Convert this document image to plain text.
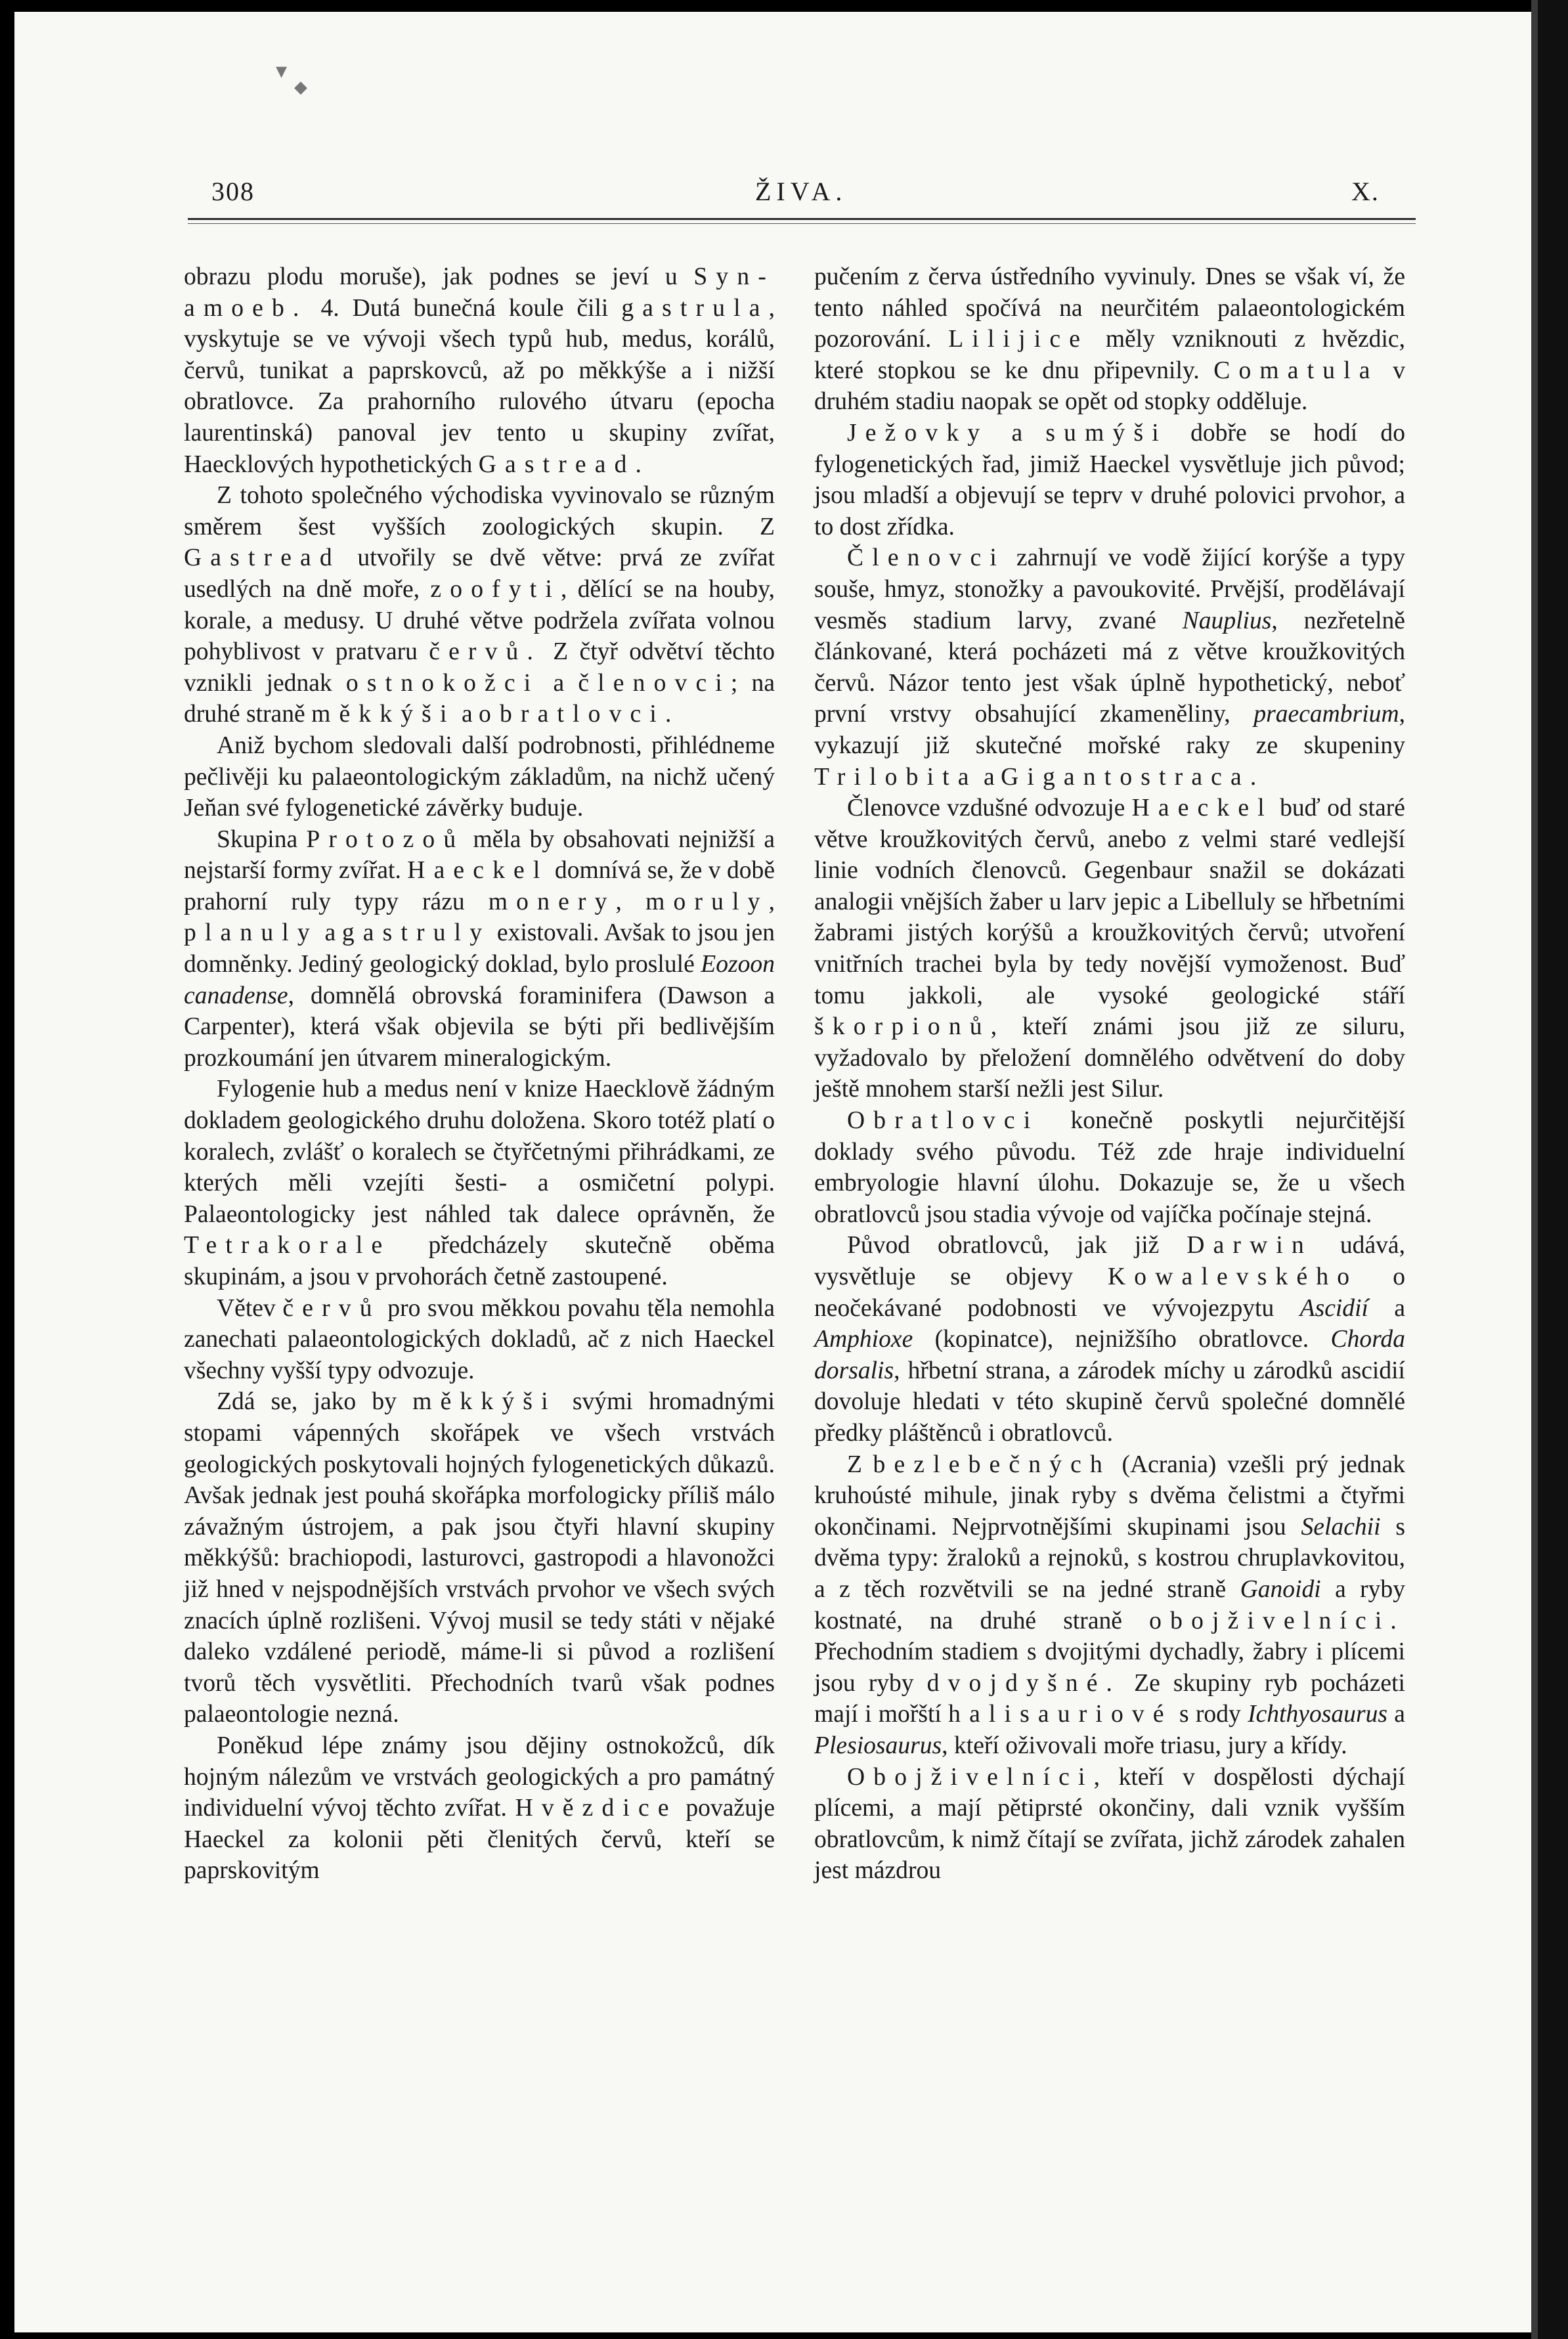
▾
◆
308	ŽIVA.	X.

obrazu plodu moruše), jak podnes se jeví u Syn-amoeb. 4. Dutá bunečná koule čili gastrula, vyskytuje se ve vývoji všech typů hub, medus, korálů, červů, tunikat a paprskovců, až po měkkýše a i nižší obratlovce. Za prahorního rulového útvaru (epocha laurentinská) panoval jev tento u skupiny zvířat, Haecklových hypothetických Gastread.

Z tohoto společného východiska vyvinovalo se různým směrem šest vyšších zoologických skupin. Z Gastread utvořily se dvě větve: prvá ze zvířat usedlých na dně moře, zoofyti, dělící se na houby, korale, a medusy. U druhé větve podržela zvířata volnou pohyblivost v pratvaru červů. Z čtyř odvětví těchto vznikli jednak ostnokožci a členovci; na druhé straně měkkýši a obratlovci.

Aniž bychom sledovali další podrobnosti, přihlédneme pečlivěji ku palaeontologickým základům, na nichž učený Jeňan své fylogenetické závěrky buduje.

Skupina Protozoů měla by obsahovati nejnižší a nejstarší formy zvířat. Haeckel domnívá se, že v době prahorní ruly typy rázu monery, moruly, planuly a gastruly existovali. Avšak to jsou jen domněnky. Jediný geologický doklad, bylo proslulé Eozoon canadense, domnělá obrovská foraminifera (Dawson a Carpenter), která však objevila se býti při bedlivějším prozkoumání jen útvarem mineralogickým.

Fylogenie hub a medus není v knize Haecklově žádným dokladem geologického druhu doložena. Skoro totéž platí o koralech, zvlášť o koralech se čtyřčetnými přihrádkami, ze kterých měli vzejíti šesti- a osmičetní polypi. Palaeontologicky jest náhled tak dalece oprávněn, že Tetrakorale předcházely skutečně oběma skupinám, a jsou v prvohorách četně zastoupené.

Větev červů pro svou měkkou povahu těla nemohla zanechati palaeontologických dokladů, ač z nich Haeckel všechny vyšší typy odvozuje.

Zdá se, jako by měkkýši svými hromadnými stopami vápenných skořápek ve všech vrstvách geologických poskytovali hojných fylogenetických důkazů. Avšak jednak jest pouhá skořápka morfologicky příliš málo závažným ústrojem, a pak jsou čtyři hlavní skupiny měkkýšů: brachiopodi, lasturovci, gastropodi a hlavonožci již hned v nejspodnějších vrstvách prvohor ve všech svých znacích úplně rozlišeni. Vývoj musil se tedy státi v nějaké daleko vzdálené periodě, máme-li si původ a rozlišení tvorů těch vysvětliti. Přechodních tvarů však podnes palaeontologie nezná.

Poněkud lépe známy jsou dějiny ostnokožců, dík hojným nálezům ve vrstvách geologických a pro památný individuelní vývoj těchto zvířat. Hvězdice považuje Haeckel za kolonii pěti členitých červů, kteří se paprskovitým

pučením z červa ústředního vyvinuly. Dnes se však ví, že tento náhled spočívá na neurčitém palaeontologickém pozorování. Lilijice měly vzniknouti z hvězdic, které stopkou se ke dnu připevnily. Comatula v druhém stadiu naopak se opět od stopky odděluje.

Ježovky a sumýši dobře se hodí do fylogenetických řad, jimiž Haeckel vysvětluje jich původ; jsou mladší a objevují se teprv v druhé polovici prvohor, a to dost zřídka.

Členovci zahrnují ve vodě žijící korýše a typy souše, hmyz, stonožky a pavoukovité. Prvější, prodělávají vesměs stadium larvy, zvané Nauplius, nezřetelně článkované, která pocházeti má z větve kroužkovitých červů. Názor tento jest však úplně hypothetický, neboť první vrstvy obsahující zkameněliny, praecambrium, vykazují již skutečné mořské raky ze skupeniny Trilobita a Gigantostraca.

Členovce vzdušné odvozuje Haeckel buď od staré větve kroužkovitých červů, anebo z velmi staré vedlejší linie vodních členovců. Gegenbaur snažil se dokázati analogii vnějších žaber u larv jepic a Libelluly se hřbetními žabrami jistých korýšů a kroužkovitých červů; utvoření vnitřních trachei byla by tedy novější vymoženost. Buď tomu jakkoli, ale vysoké geologické stáří škorpionů, kteří známi jsou již ze siluru, vyžadovalo by přeložení domnělého odvětvení do doby ještě mnohem starší nežli jest Silur.

Obratlovci konečně poskytli nejurčitější doklady svého původu. Též zde hraje individuelní embryologie hlavní úlohu. Dokazuje se, že u všech obratlovců jsou stadia vývoje od vajíčka počínaje stejná.

Původ obratlovců, jak již Darwin udává, vysvětluje se objevy Kowalevského o neočekávané podobnosti ve vývojezpytu Ascidií a Amphioxe (kopinatce), nejnižšího obratlovce. Chorda dorsalis, hřbetní strana, a zárodek míchy u zárodků ascidií dovoluje hledati v této skupině červů společné domnělé předky pláštěnců i obratlovců.

Z bezlebečných (Acrania) vzešli prý jednak kruhoústé mihule, jinak ryby s dvěma čelistmi a čtyřmi okončinami. Nejprvotnějšími skupinami jsou Selachii s dvěma typy: žraloků a rejnoků, s kostrou chruplavkovitou, a z těch rozvětvili se na jedné straně Ganoidi a ryby kostnaté, na druhé straně obojživelníci. Přechodním stadiem s dvojitými dychadly, žabry i plícemi jsou ryby dvojdyšné. Ze skupiny ryb pocházeti mají i mořští halisauriové s rody Ichthyosaurus a Plesiosaurus, kteří oživovali moře triasu, jury a křídy.

Obojživelníci, kteří v dospělosti dýchají plícemi, a mají pětiprsté okončiny, dali vznik vyšším obratlovcům, k nimž čítají se zvířata, jichž zárodek zahalen jest mázdrou
